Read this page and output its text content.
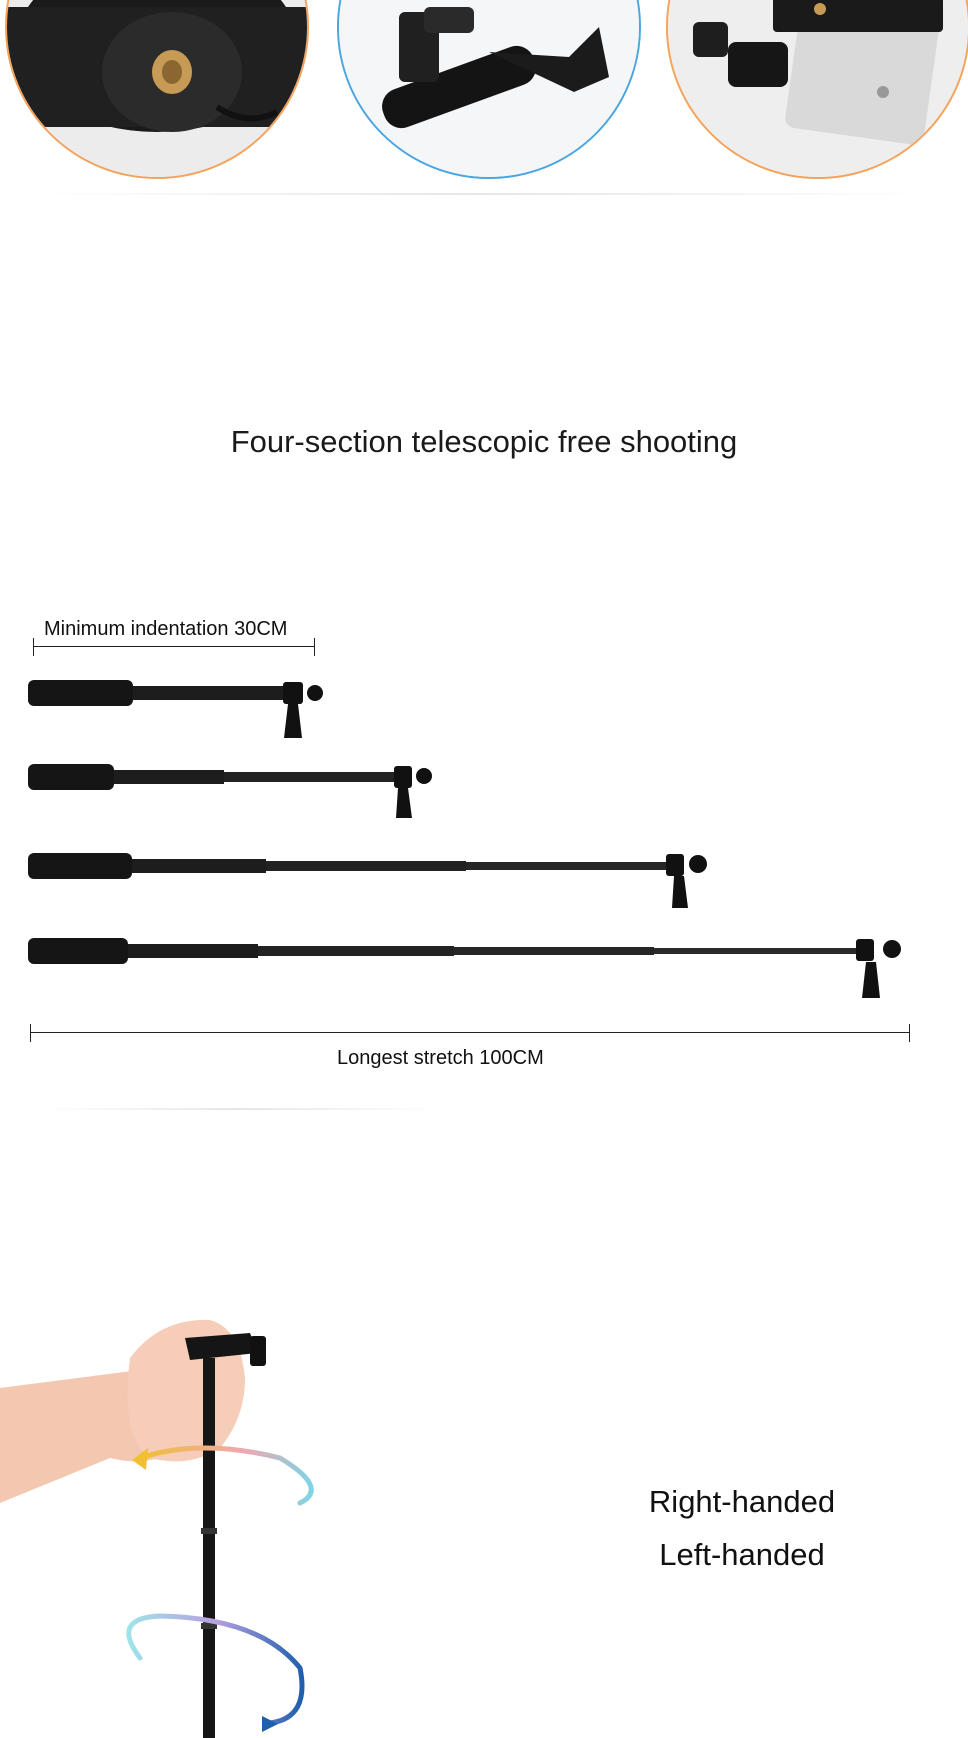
Four-section telescopic free shooting
Minimum indentation 30CM
Longest stretch 100CM
Right-handed
Left-handed
